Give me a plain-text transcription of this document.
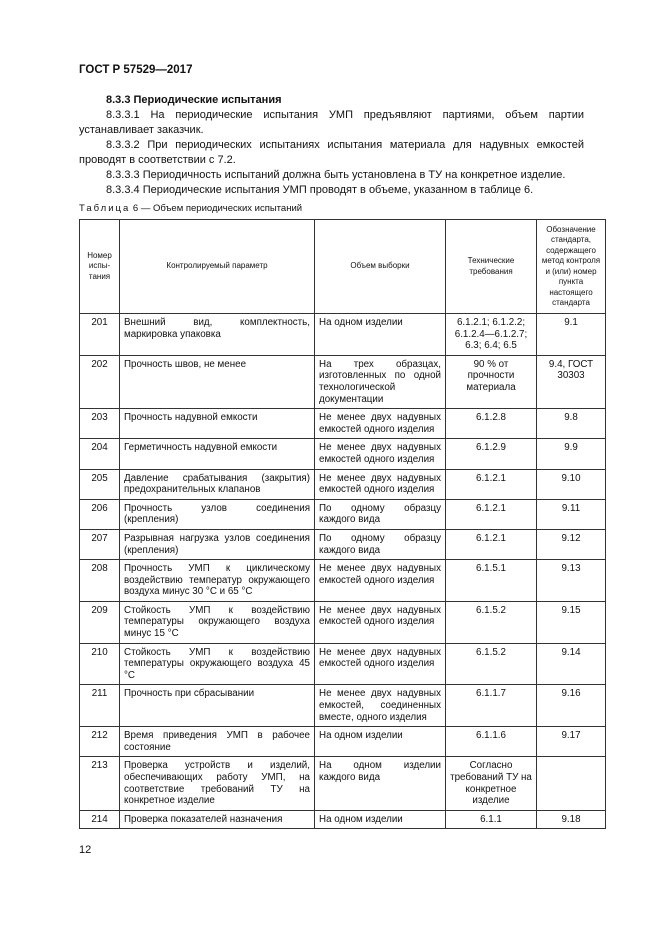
ГОСТ Р 57529—2017

8.3.3 Периодические испытания

8.3.3.1 На периодические испытания УМП предъявляют партиями, объем партии устанавливает заказчик.

8.3.3.2 При периодических испытаниях испытания материала для надувных емкостей проводят в соответствии с 7.2.

8.3.3.3 Периодичность испытаний должна быть установлена в ТУ на конкретное изделие.

8.3.3.4 Периодические испытания УМП проводят в объеме, указанном в таблице 6.

Таблица 6 — Объем периодических испытаний
Номер испы- тания	Контролируемый параметр	Объем выборки	Технические требования	Обозначение стандарта, содержащего метод контроля и (или) номер пункта настоящего стандарта
201	Внешний вид, комплектность, маркировка упаковка	На одном изделии	6.1.2.1; 6.1.2.2; 6.1.2.4—6.1.2.7; 6.3; 6.4; 6.5	9.1
202	Прочность швов, не менее	На трех образцах, изготовленных по одной технологической документации	90 % от прочности материала	9.4, ГОСТ 30303
203	Прочность надувной емкости	Не менее двух надувных емкостей одного изделия	6.1.2.8	9.8
204	Герметичность надувной емкости	Не менее двух надувных емкостей одного изделия	6.1.2.9	9.9
205	Давление срабатывания (закрытия) предохранительных клапанов	Не менее двух надувных емкостей одного изделия	6.1.2.1	9.10
206	Прочность узлов соединения (крепления)	По одному образцу каждого вида	6.1.2.1	9.11
207	Разрывная нагрузка узлов соединения (крепления)	По одному образцу каждого вида	6.1.2.1	9.12
208	Прочность УМП к циклическому воздействию температур окружающего воздуха минус 30 °С и 65 °С	Не менее двух надувных емкостей одного изделия	6.1.5.1	9.13
209	Стойкость УМП к воздействию температуры окружающего воздуха минус 15 °С	Не менее двух надувных емкостей одного изделия	6.1.5.2	9.15
210	Стойкость УМП к воздействию температуры окружающего воздуха 45 °С	Не менее двух надувных емкостей одного изделия	6.1.5.2	9.14
211	Прочность при сбрасывании	Не менее двух надувных емкостей, соединенных вместе, одного изделия	6.1.1.7	9.16
212	Время приведения УМП в рабочее состояние	На одном изделии	6.1.1.6	9.17
213	Проверка устройств и изделий, обеспечивающих работу УМП, на соответствие требований ТУ на конкретное изделие	На одном изделии каждого вида	Согласно требований ТУ на конкретное изделие	
214	Проверка показателей назначения	На одном изделии	6.1.1	9.18
12
